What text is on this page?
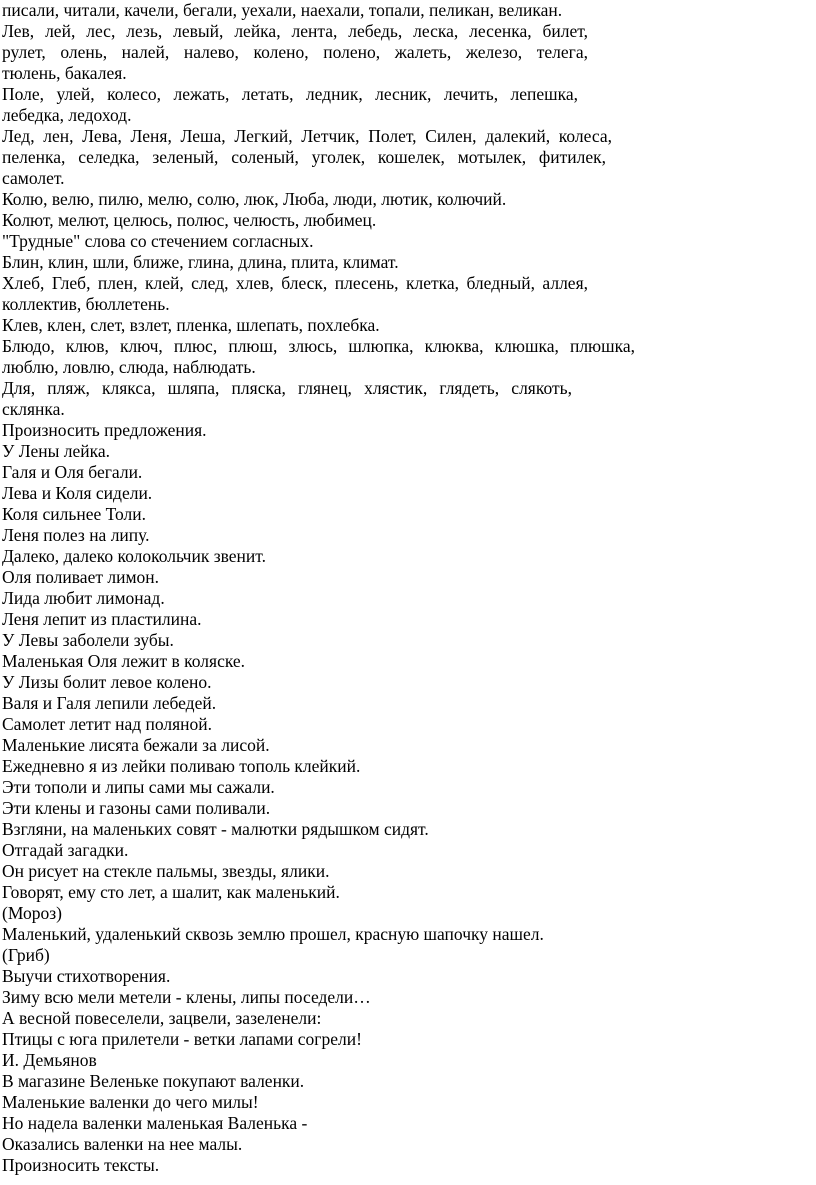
писали, читали, качели, бегали, уехали, наехали, топали, пеликан, великан.
Лев, лей, лес, лезь, левый, лейка, лента, лебедь, леска, лесенка, билет,
рулет, олень, налей, налево, колено, полено, жалеть, железо, телега,
тюлень, бакалея.
Поле, улей, колесо, лежать, летать, ледник, лесник, лечить, лепешка,
лебедка, ледоход.
Лед, лен, Лева, Леня, Леша, Легкий, Летчик, Полет, Силен, далекий, колеса,
пеленка, селедка, зеленый, соленый, уголек, кошелек, мотылек, фитилек,
самолет.
Колю, велю, пилю, мелю, солю, люк, Люба, люди, лютик, колючий.
Колют, мелют, целюсь, полюс, челюсть, любимец.
"Трудные" слова со стечением согласных.
Блин, клин, шли, ближе, глина, длина, плита, климат.
Хлеб, Глеб, плен, клей, след, хлев, блеск, плесень, клетка, бледный, аллея,
коллектив, бюллетень.
Клев, клен, слет, взлет, пленка, шлепать, похлебка.
Блюдо, клюв, ключ, плюс, плюш, злюсь, шлюпка, клюква, клюшка, плюшка,
люблю, ловлю, слюда, наблюдать.
Для, пляж, клякса, шляпа, пляска, глянец, хлястик, глядеть, слякоть,
склянка.
Произносить предложения.
У Лены лейка.
Галя и Оля бегали.
Лева и Коля сидели.
Коля сильнее Толи.
Леня полез на липу.
Далеко, далеко колокольчик звенит.
Оля поливает лимон.
Лида любит лимонад.
Леня лепит из пластилина.
У Левы заболели зубы.
Маленькая Оля лежит в коляске.
У Лизы болит левое колено.
Валя и Галя лепили лебедей.
Самолет летит над поляной.
Маленькие лисята бежали за лисой.
Ежедневно я из лейки поливаю тополь клейкий.
Эти тополи и липы сами мы сажали.
Эти клены и газоны сами поливали.
Взгляни, на маленьких совят - малютки рядышком сидят.
Отгадай загадки.
Он рисует на стекле пальмы, звезды, ялики.
Говорят, ему сто лет, а шалит, как маленький.
(Мороз)
Маленький, удаленький сквозь землю прошел, красную шапочку нашел.
(Гриб)
Выучи стихотворения.
Зиму всю мели метели - клены, липы поседели…
А весной повеселели, зацвели, зазеленели:
Птицы с юга прилетели - ветки лапами согрели!
И. Демьянов
В магазине Веленьке покупают валенки.
Маленькие валенки до чего милы!
Но надела валенки маленькая Валенька -
Оказались валенки на нее малы.
Произносить тексты.
